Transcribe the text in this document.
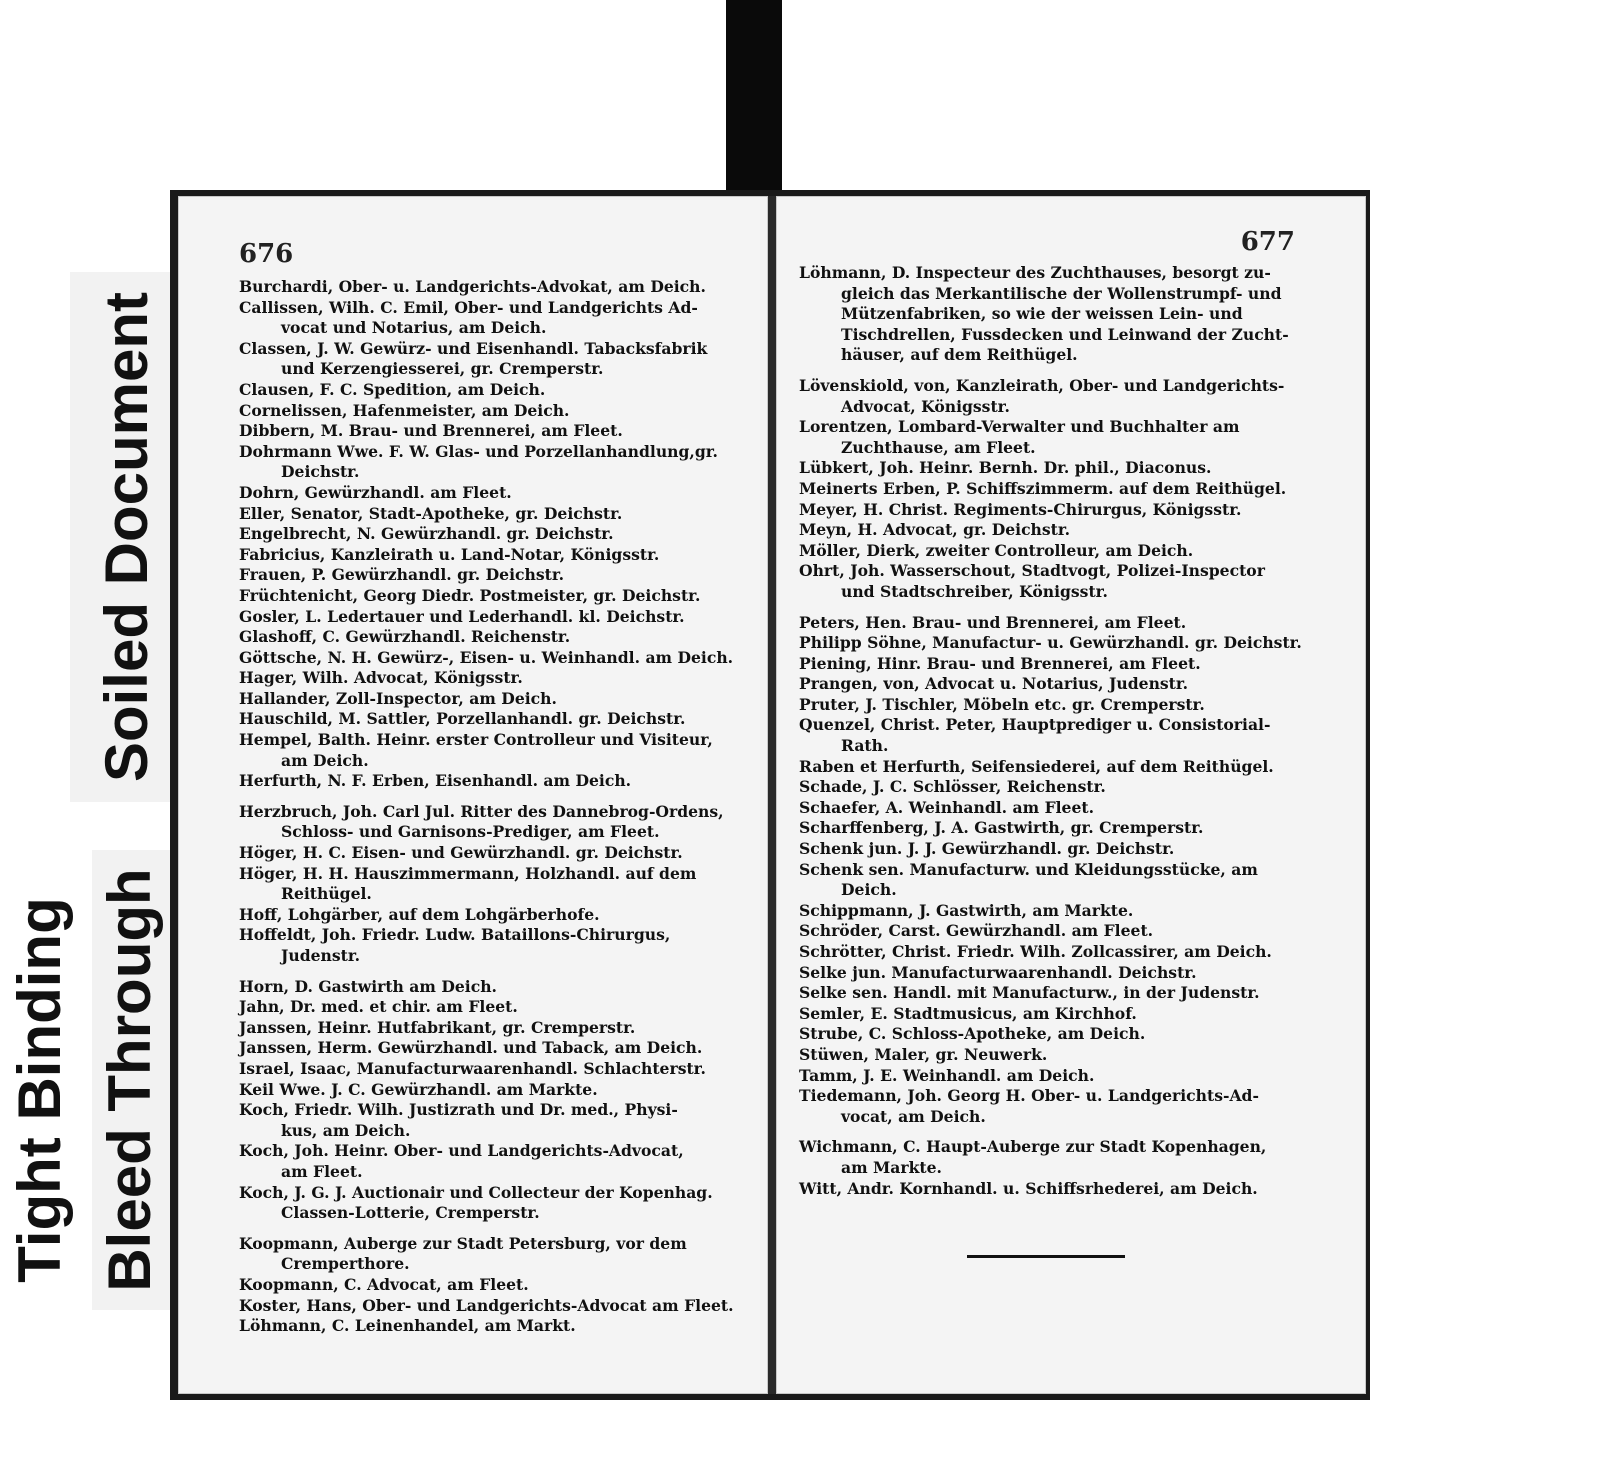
Soiled Document
Tight Binding Bleed Through
676
Burchardi, Ober- u. Landgerichts-Advokat, am Deich.
Callissen, Wilh. C. Emil, Ober- und Landgerichts Ad-

vocat und Notarius, am Deich.
Classen, J. W. Gewürz- und Eisenhandl. Tabacksfabrik

und Kerzengiesserei, gr. Cremperstr.
Clausen, F. C. Spedition, am Deich.
Cornelissen, Hafenmeister, am Deich.
Dibbern, M. Brau- und Brennerei, am Fleet.
Dohrmann Wwe. F. W. Glas- und Porzellanhandlung,gr.

Deichstr.
Dohrn, Gewürzhandl. am Fleet.
Eller, Senator, Stadt-Apotheke, gr. Deichstr.
Engelbrecht, N. Gewürzhandl. gr. Deichstr.
Fabricius, Kanzleirath u. Land-Notar, Königsstr.
Frauen, P. Gewürzhandl. gr. Deichstr.
Früchtenicht, Georg Diedr. Postmeister, gr. Deichstr.
Gosler, L. Ledertauer und Lederhandl. kl. Deichstr.
Glashoff, C. Gewürzhandl. Reichenstr.
Göttsche, N. H. Gewürz-, Eisen- u. Weinhandl. am Deich.
Hager, Wilh. Advocat, Königsstr.
Hallander, Zoll-Inspector, am Deich.
Hauschild, M. Sattler, Porzellanhandl. gr. Deichstr.
Hempel, Balth. Heinr. erster Controlleur und Visiteur,

am Deich.
Herfurth, N. F. Erben, Eisenhandl. am Deich.
Herzbruch, Joh. Carl Jul. Ritter des Dannebrog-Ordens,

Schloss- und Garnisons-Prediger, am Fleet.
Höger, H. C. Eisen- und Gewürzhandl. gr. Deichstr.
Höger, H. H. Hauszimmermann, Holzhandl. auf dem

Reithügel.
Hoff, Lohgärber, auf dem Lohgärberhofe.
Hoffeldt, Joh. Friedr. Ludw. Bataillons-Chirurgus,

Judenstr.
Horn, D. Gastwirth am Deich.
Jahn, Dr. med. et chir. am Fleet.
Janssen, Heinr. Hutfabrikant, gr. Cremperstr.
Janssen, Herm. Gewürzhandl. und Taback, am Deich.
Israel, Isaac, Manufacturwaarenhandl. Schlachterstr.
Keil Wwe. J. C. Gewürzhandl. am Markte.
Koch, Friedr. Wilh. Justizrath und Dr. med., Physi-

kus, am Deich.
Koch, Joh. Heinr. Ober- und Landgerichts-Advocat,

am Fleet.
Koch, J. G. J. Auctionair und Collecteur der Kopenhag.

Classen-Lotterie, Cremperstr.
Koopmann, Auberge zur Stadt Petersburg, vor dem

Cremperthore.
Koopmann, C. Advocat, am Fleet.
Koster, Hans, Ober- und Landgerichts-Advocat am Fleet.
Löhmann, C. Leinenhandel, am Markt.
677
Löhmann, D. Inspecteur des Zuchthauses, besorgt zu-

gleich das Merkantilische der Wollenstrumpf- und
Mützenfabriken, so wie der weissen Lein- und
Tischdrellen, Fussdecken und Leinwand der Zucht-
häuser, auf dem Reithügel.
Lövenskiold, von, Kanzleirath, Ober- und Landgerichts-

Advocat, Königsstr.
Lorentzen, Lombard-Verwalter und Buchhalter am

Zuchthause, am Fleet.
Lübkert, Joh. Heinr. Bernh. Dr. phil., Diaconus.
Meinerts Erben, P. Schiffszimmerm. auf dem Reithügel.
Meyer, H. Christ. Regiments-Chirurgus, Königsstr.
Meyn, H. Advocat, gr. Deichstr.
Möller, Dierk, zweiter Controlleur, am Deich.
Ohrt, Joh. Wasserschout, Stadtvogt, Polizei-Inspector

und Stadtschreiber, Königsstr.
Peters, Hen. Brau- und Brennerei, am Fleet.
Philipp Söhne, Manufactur- u. Gewürzhandl. gr. Deichstr.
Piening, Hinr. Brau- und Brennerei, am Fleet.
Prangen, von, Advocat u. Notarius, Judenstr.
Pruter, J. Tischler, Möbeln etc. gr. Cremperstr.
Quenzel, Christ. Peter, Hauptprediger u. Consistorial-

Rath.
Raben et Herfurth, Seifensiederei, auf dem Reithügel.
Schade, J. C. Schlösser, Reichenstr.
Schaefer, A. Weinhandl. am Fleet.
Scharffenberg, J. A. Gastwirth, gr. Cremperstr.
Schenk jun. J. J. Gewürzhandl. gr. Deichstr.
Schenk sen. Manufacturw. und Kleidungsstücke, am

Deich.
Schippmann, J. Gastwirth, am Markte.
Schröder, Carst. Gewürzhandl. am Fleet.
Schrötter, Christ. Friedr. Wilh. Zollcassirer, am Deich.
Selke jun. Manufacturwaarenhandl. Deichstr.
Selke sen. Handl. mit Manufacturw., in der Judenstr.
Semler, E. Stadtmusicus, am Kirchhof.
Strube, C. Schloss-Apotheke, am Deich.
Stüwen, Maler, gr. Neuwerk.
Tamm, J. E. Weinhandl. am Deich.
Tiedemann, Joh. Georg H. Ober- u. Landgerichts-Ad-

vocat, am Deich.
Wichmann, C. Haupt-Auberge zur Stadt Kopenhagen,

am Markte.
Witt, Andr. Kornhandl. u. Schiffsrhederei, am Deich.
